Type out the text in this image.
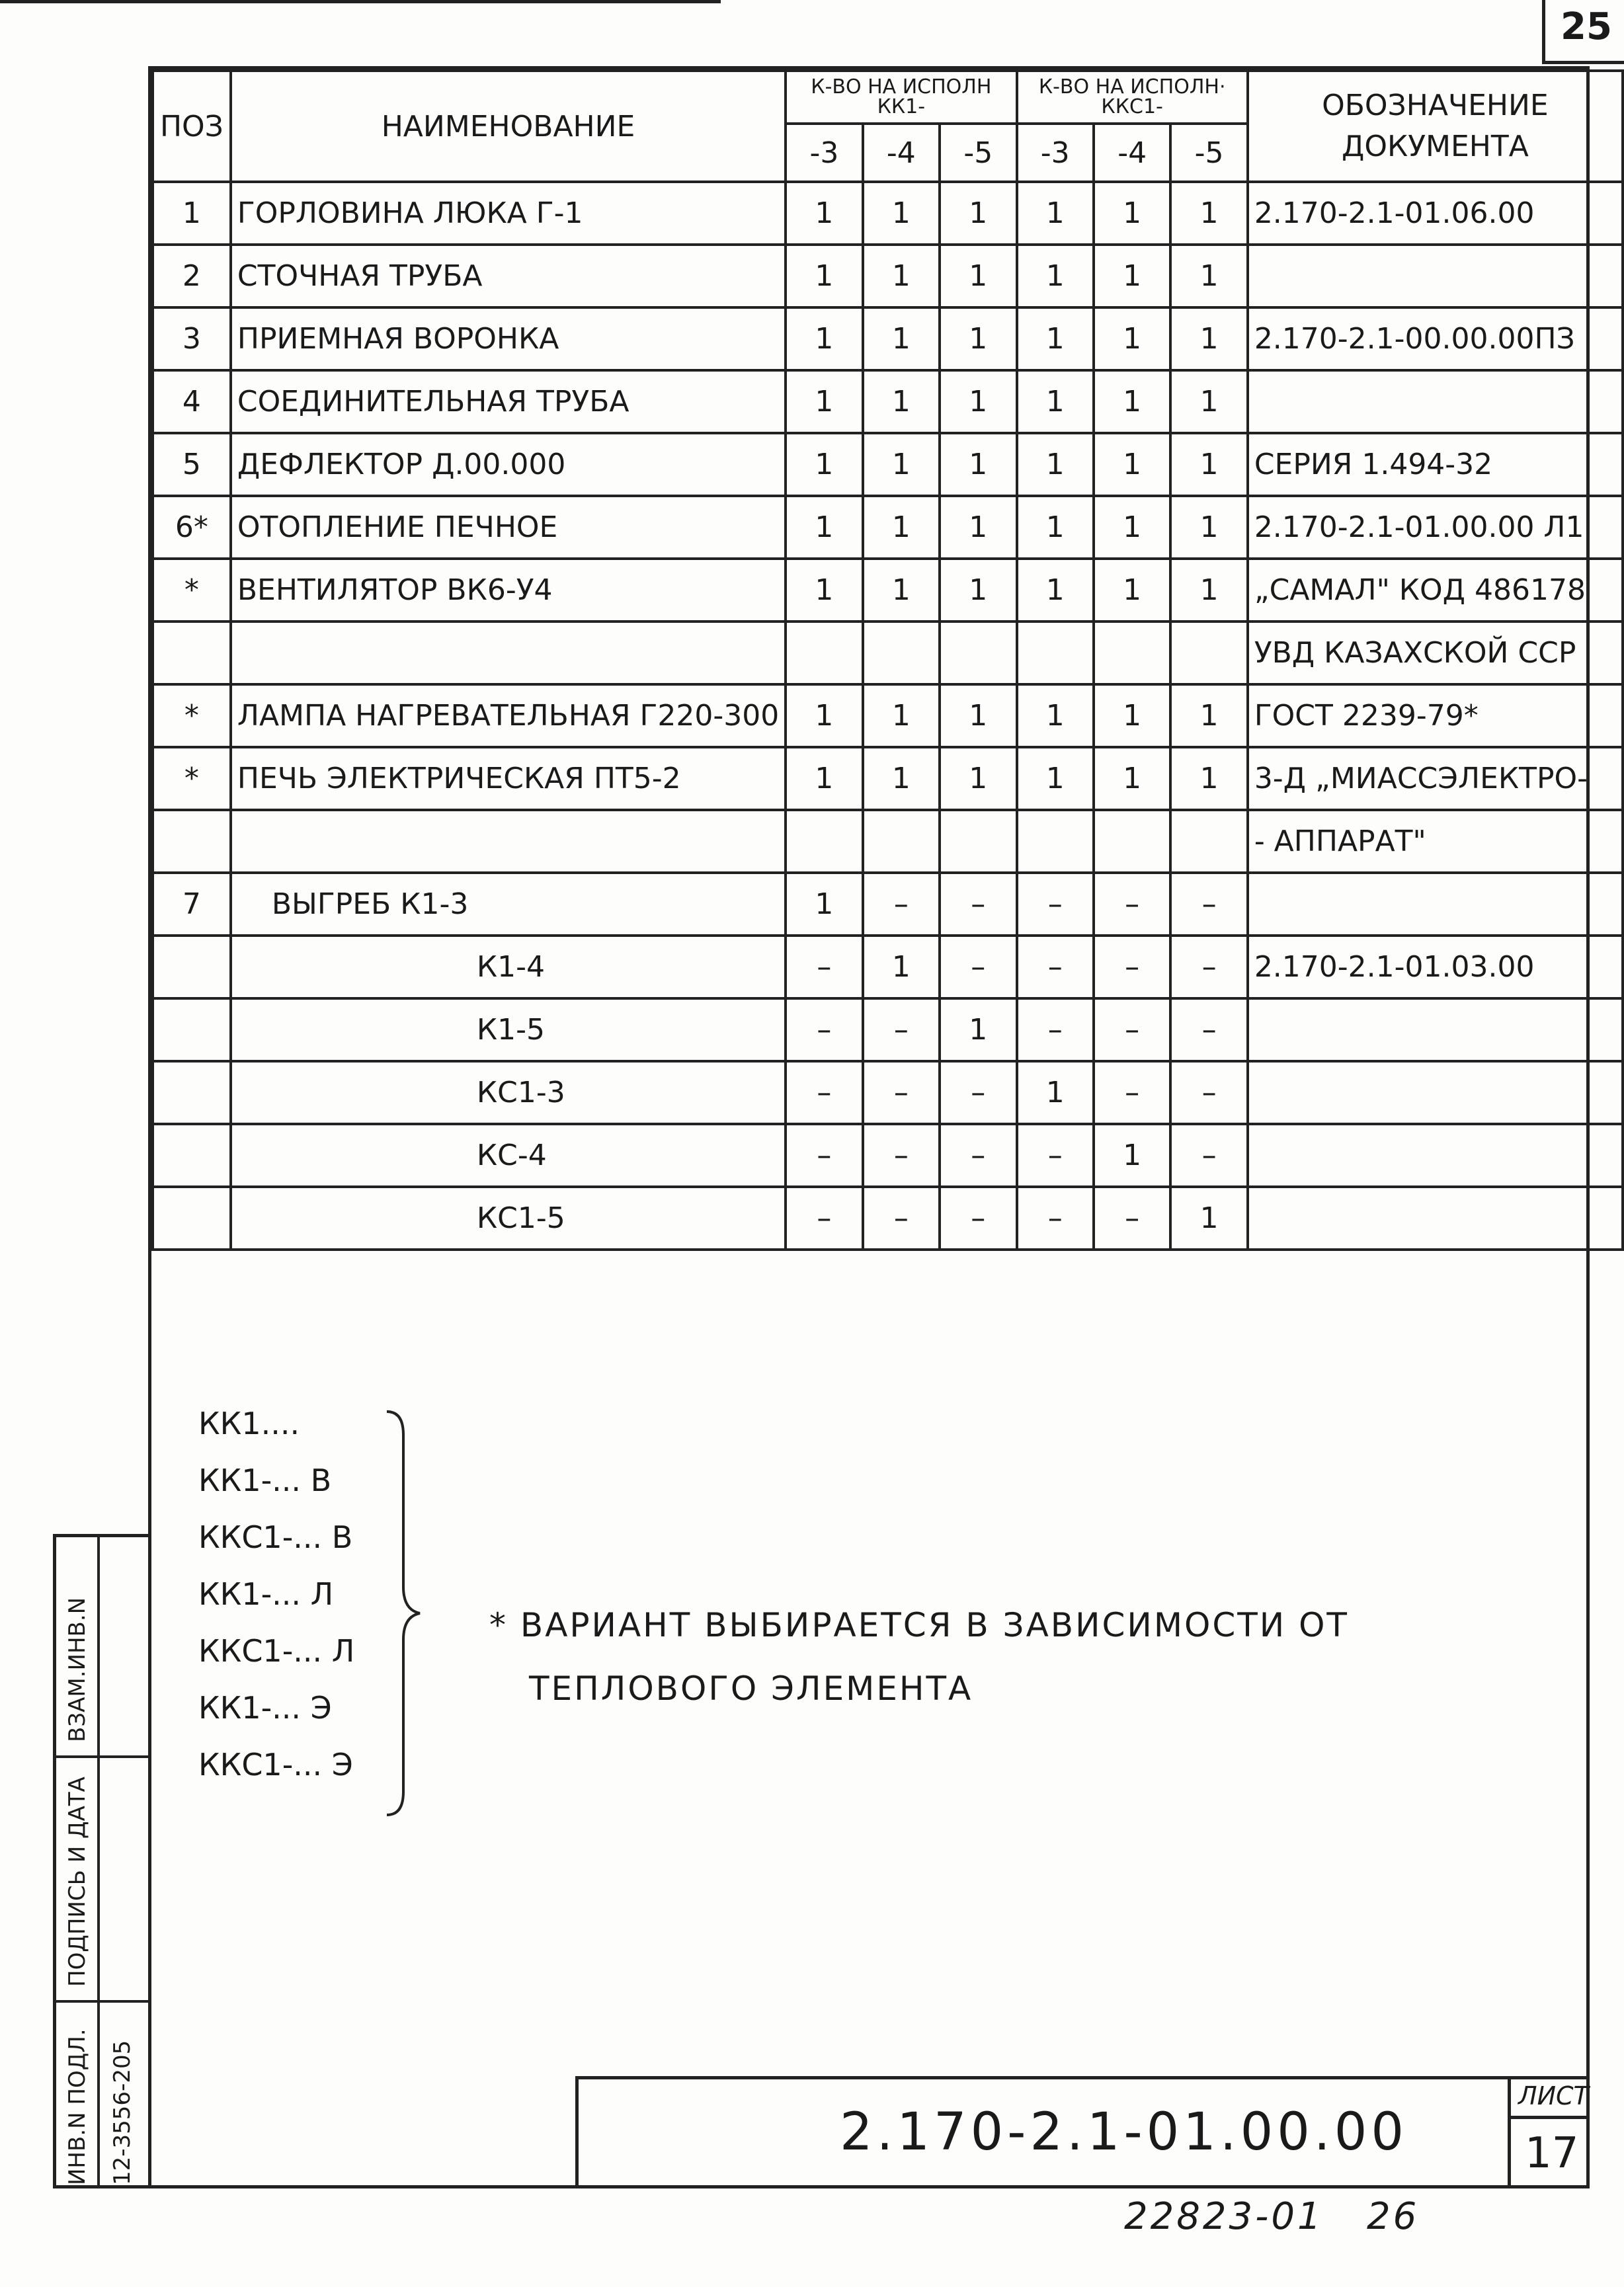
25
ПОЗ	НАИМЕНОВАНИЕ	К-ВО НА ИСПОЛН КК1-			К-ВО НА ИСПОЛН· ККС1-			ОБОЗНАЧЕНИЕ ДОКУМЕНТА
		-3	-4	-5	-3	-4	-5	
1	ГОРЛОВИНА ЛЮКА Г-1	1	1	1	1	1	1	2.170-2.1-01.06.00
2	СТОЧНАЯ ТРУБА	1	1	1	1	1	1	
3	ПРИЕМНАЯ ВОРОНКА	1	1	1	1	1	1	2.170-2.1-00.00.00ПЗ
4	СОЕДИНИТЕЛЬНАЯ ТРУБА	1	1	1	1	1	1	
5	ДЕФЛЕКТОР Д.00.000	1	1	1	1	1	1	СЕРИЯ 1.494-32
6*	ОТОПЛЕНИЕ ПЕЧНОЕ	1	1	1	1	1	1	2.170-2.1-01.00.00 Л1
*	ВЕНТИЛЯТОР ВК6-У4	1	1	1	1	1	1	„САМАЛ" КОД 486178
								УВД КАЗАХСКОЙ ССР
*	ЛАМПА НАГРЕВАТЕЛЬНАЯ Г220-300	1	1	1	1	1	1	ГОСТ 2239-79*
*	ПЕЧЬ ЭЛЕКТРИЧЕСКАЯ ПТ5-2	1	1	1	1	1	1	3-Д „МИАССЭЛЕКТРО-
								- АППАРАТ"
7	ВЫГРЕБ К1-3	1	–	–	–	–	–	
	К1-4	–	1	–	–	–	–	2.170-2.1-01.03.00
	К1-5	–	–	1	–	–	–	
	КС1-3	–	–	–	1	–	–	
	КС-4	–	–	–	–	1	–	
	КС1-5	–	–	–	–	–	1	
ВЗАМ.ИНВ.N
ПОДПИСЬ И ДАТА
ИНВ.N ПОДЛ. 12-3556-205
КК1....
КК1-... В
ККС1-... В
КК1-... Л
ККС1-... Л
КК1-... Э
ККС1-... Э
* ВАРИАНТ ВЫБИРАЕТСЯ В ЗАВИСИМОСТИ ОТ
ТЕПЛОВОГО ЭЛЕМЕНТА
2.170-2.1-01.00.00
ЛИСТ
17
22823-01   26
